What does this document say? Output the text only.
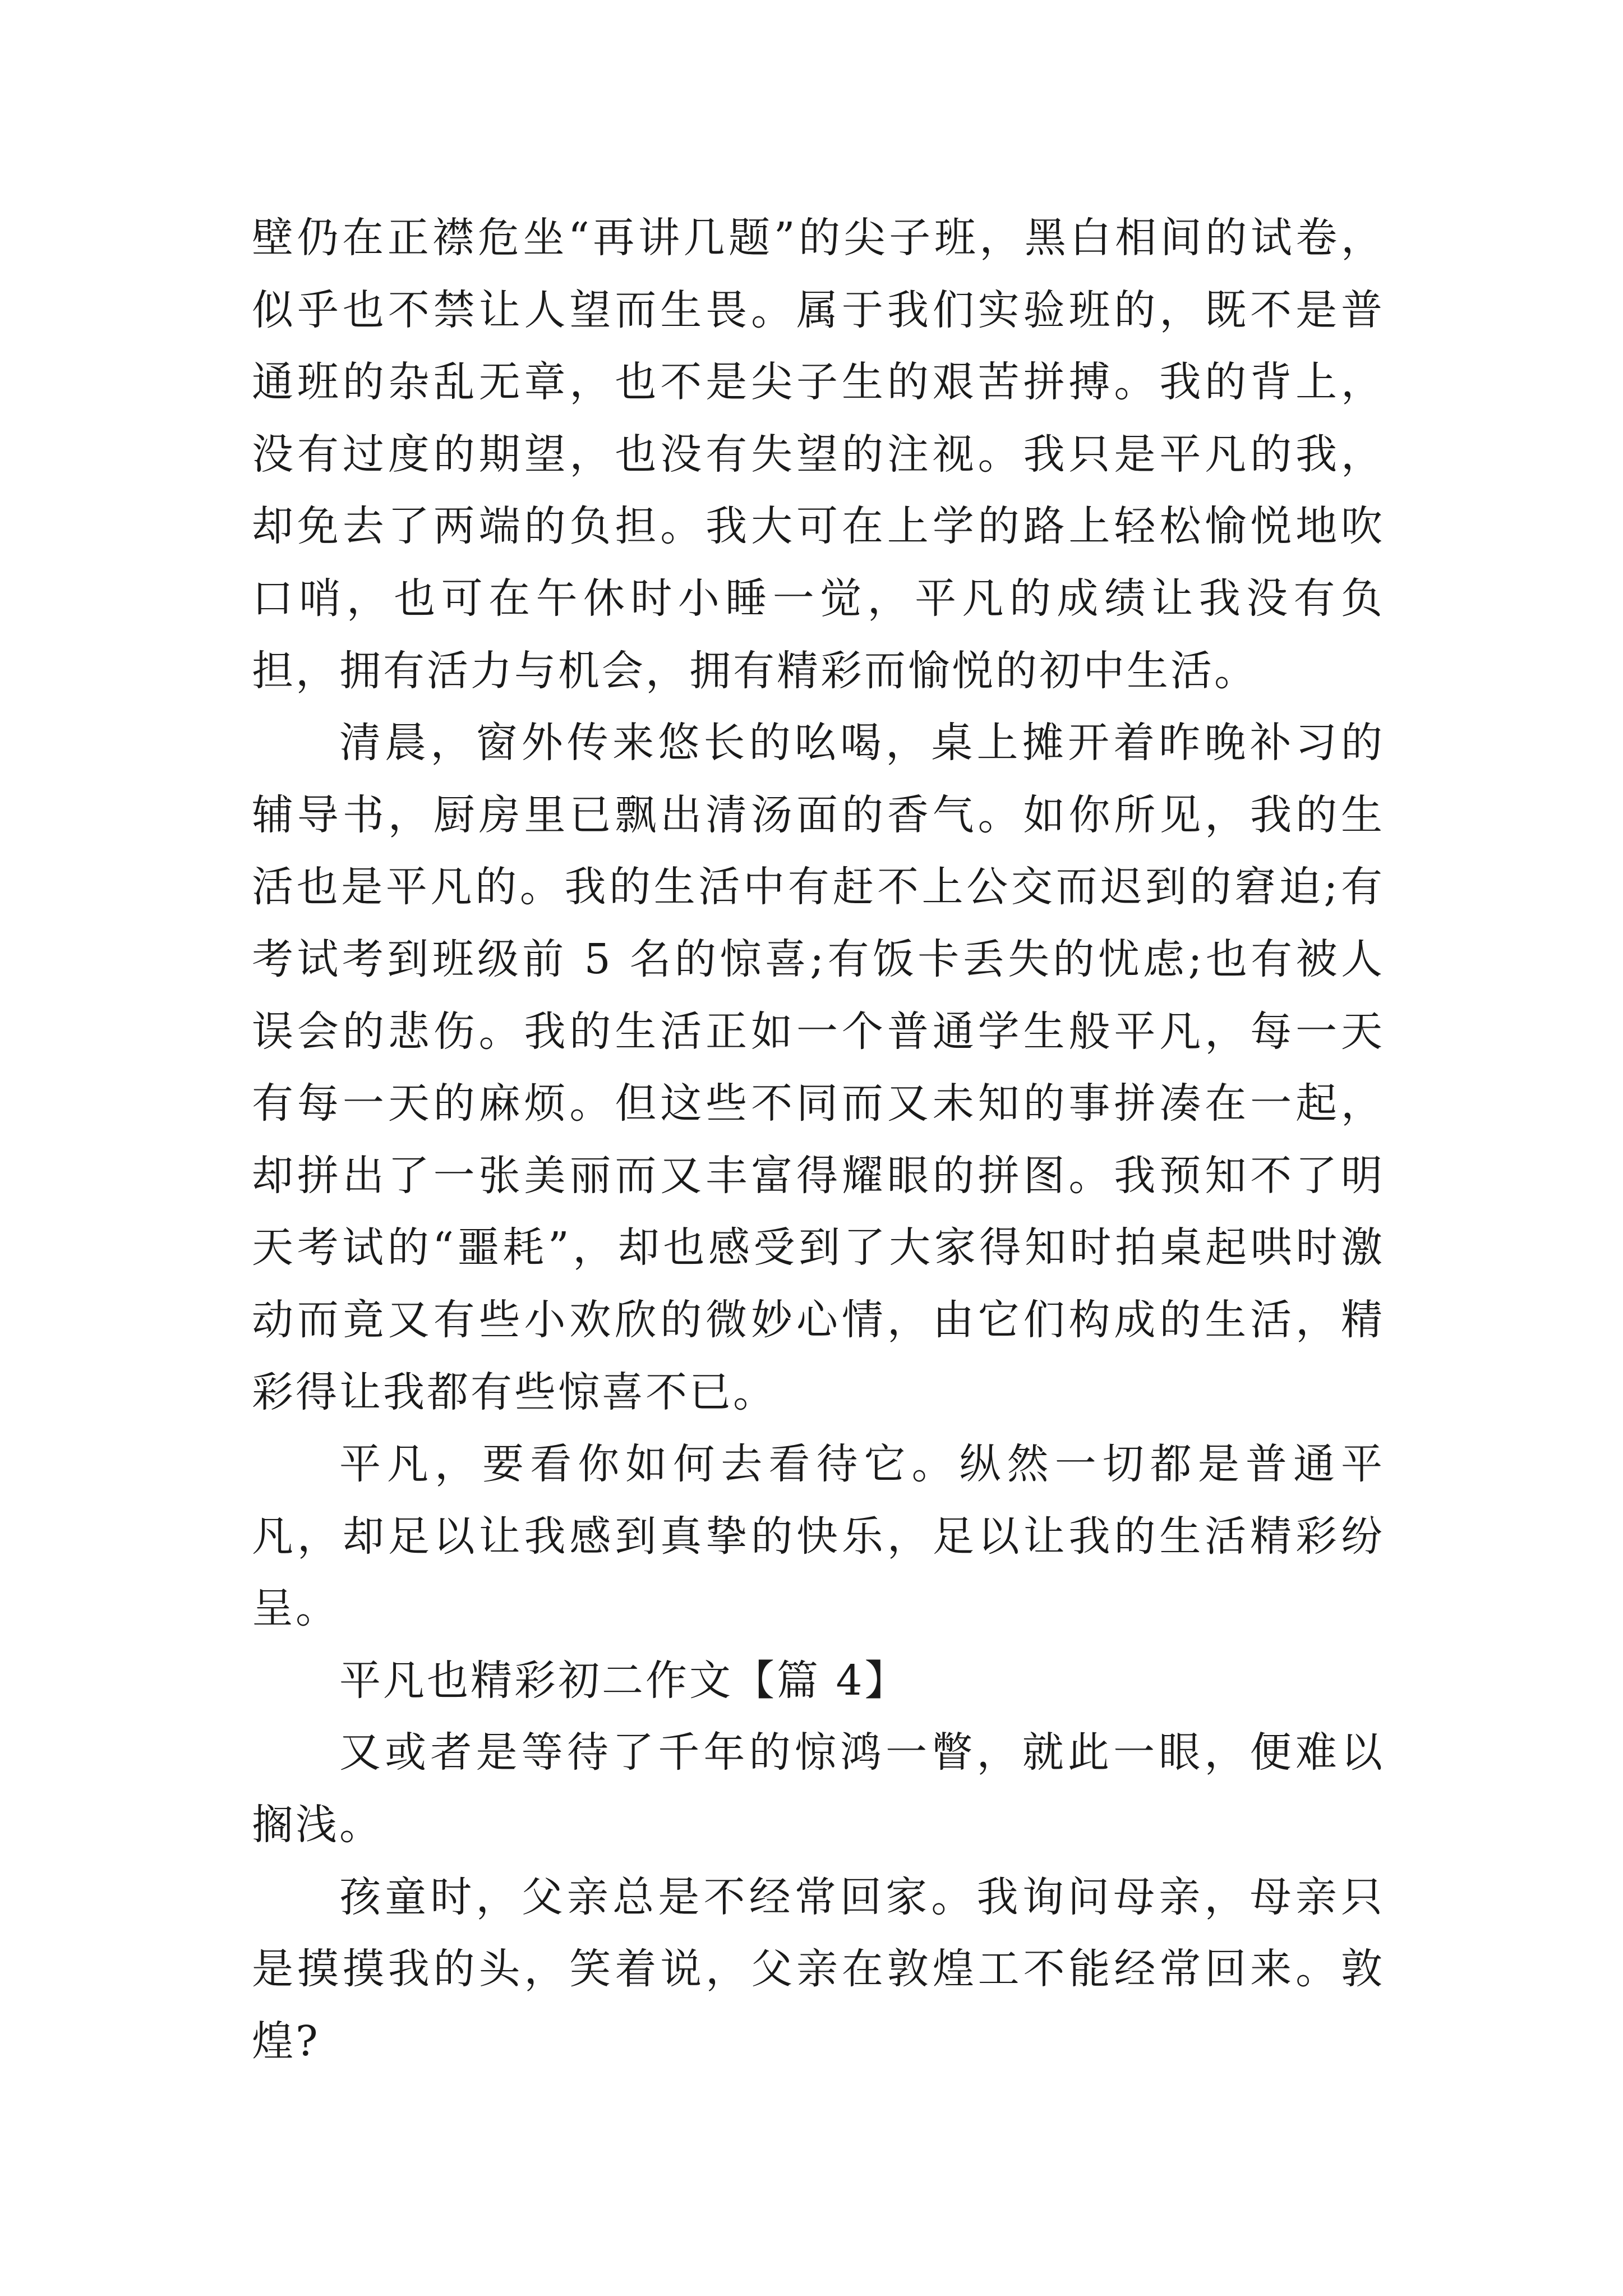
壁仍在正襟危坐“再讲几题”的尖子班，黑白相间的试卷，似乎也不禁让人望而生畏。属于我们实验班的，既不是普通班的杂乱无章，也不是尖子生的艰苦拼搏。我的背上，没有过度的期望，也没有失望的注视。我只是平凡的我，却免去了两端的负担。我大可在上学的路上轻松愉悦地吹口哨，也可在午休时小睡一觉，平凡的成绩让我没有负担，拥有活力与机会，拥有精彩而愉悦的初中生活。

清晨，窗外传来悠长的吆喝，桌上摊开着昨晚补习的辅导书，厨房里已飘出清汤面的香气。如你所见，我的生活也是平凡的。我的生活中有赶不上公交而迟到的窘迫;有考试考到班级前 5 名的惊喜;有饭卡丢失的忧虑;也有被人误会的悲伤。我的生活正如一个普通学生般平凡，每一天有每一天的麻烦。但这些不同而又未知的事拼凑在一起，却拼出了一张美丽而又丰富得耀眼的拼图。我预知不了明天考试的“噩耗”，却也感受到了大家得知时拍桌起哄时激动而竟又有些小欢欣的微妙心情，由它们构成的生活，精彩得让我都有些惊喜不已。

平凡，要看你如何去看待它。纵然一切都是普通平凡，却足以让我感到真挚的快乐，足以让我的生活精彩纷呈。

平凡也精彩初二作文【篇 4】

又或者是等待了千年的惊鸿一瞥，就此一眼，便难以搁浅。

孩童时，父亲总是不经常回家。我询问母亲，母亲只是摸摸我的头，笑着说，父亲在敦煌工不能经常回来。敦煌?
